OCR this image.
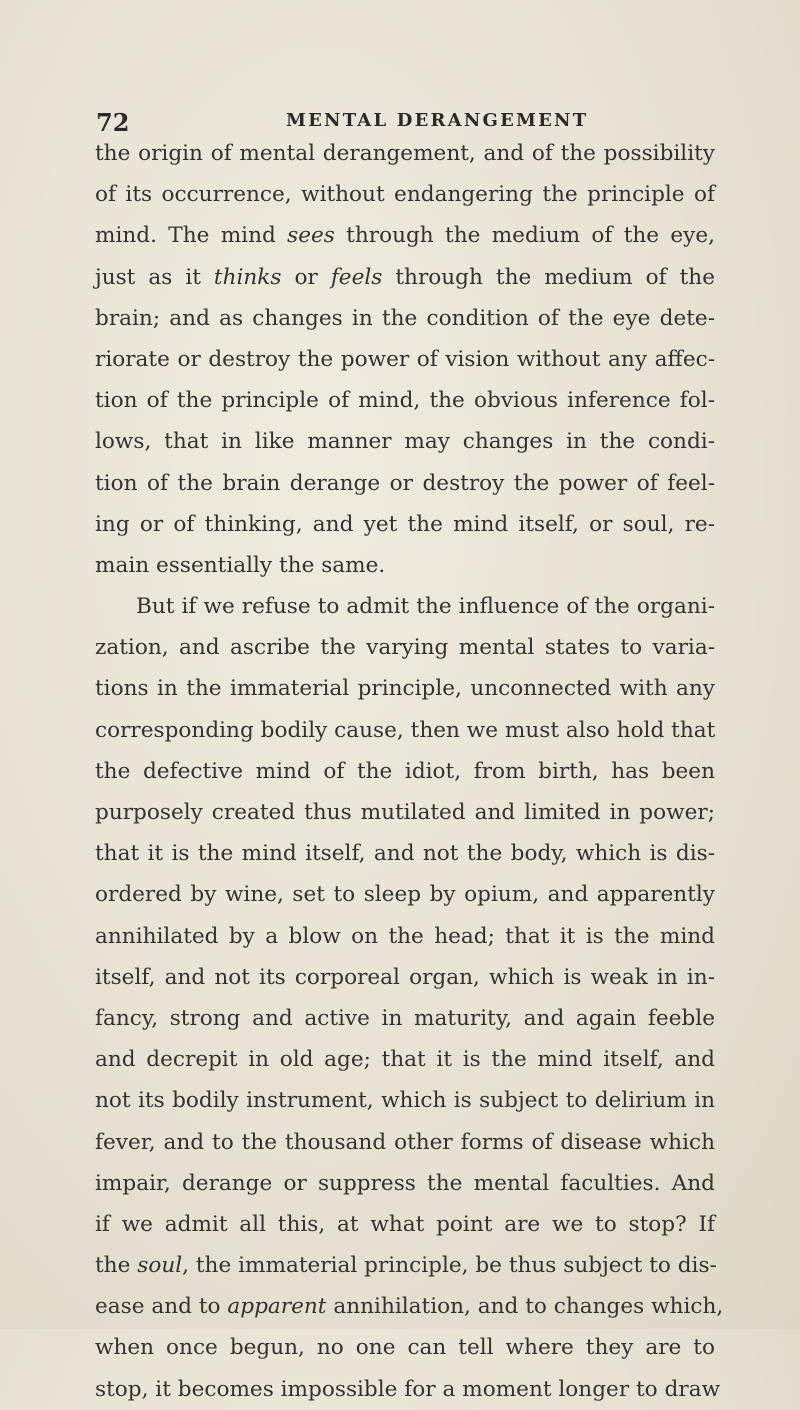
72	MENTAL DERANGEMENT
the origin of mental derangement, and of the possibility
of its occurrence, without endangering the principle of
mind. The mind sees through the medium of the eye,
just as it thinks or feels through the medium of the
brain; and as changes in the condition of the eye dete-
riorate or destroy the power of vision without any affec-
tion of the principle of mind, the obvious inference fol-
lows, that in like manner may changes in the condi-
tion of the brain derange or destroy the power of feel-
ing or of thinking, and yet the mind itself, or soul, re-
main essentially the same.
But if we refuse to admit the influence of the organi-
zation, and ascribe the varying mental states to varia-
tions in the immaterial principle, unconnected with any
corresponding bodily cause, then we must also hold that
the defective mind of the idiot, from birth, has been
purposely created thus mutilated and limited in power;
that it is the mind itself, and not the body, which is dis-
ordered by wine, set to sleep by opium, and apparently
annihilated by a blow on the head; that it is the mind
itself, and not its corporeal organ, which is weak in in-
fancy, strong and active in maturity, and again feeble
and decrepit in old age; that it is the mind itself, and
not its bodily instrument, which is subject to delirium in
fever, and to the thousand other forms of disease which
impair, derange or suppress the mental faculties. And
if we admit all this, at what point are we to stop? If
the soul, the immaterial principle, be thus subject to dis-
ease and to apparent annihilation, and to changes which,
when once begun, no one can tell where they are to
stop, it becomes impossible for a moment longer to draw
